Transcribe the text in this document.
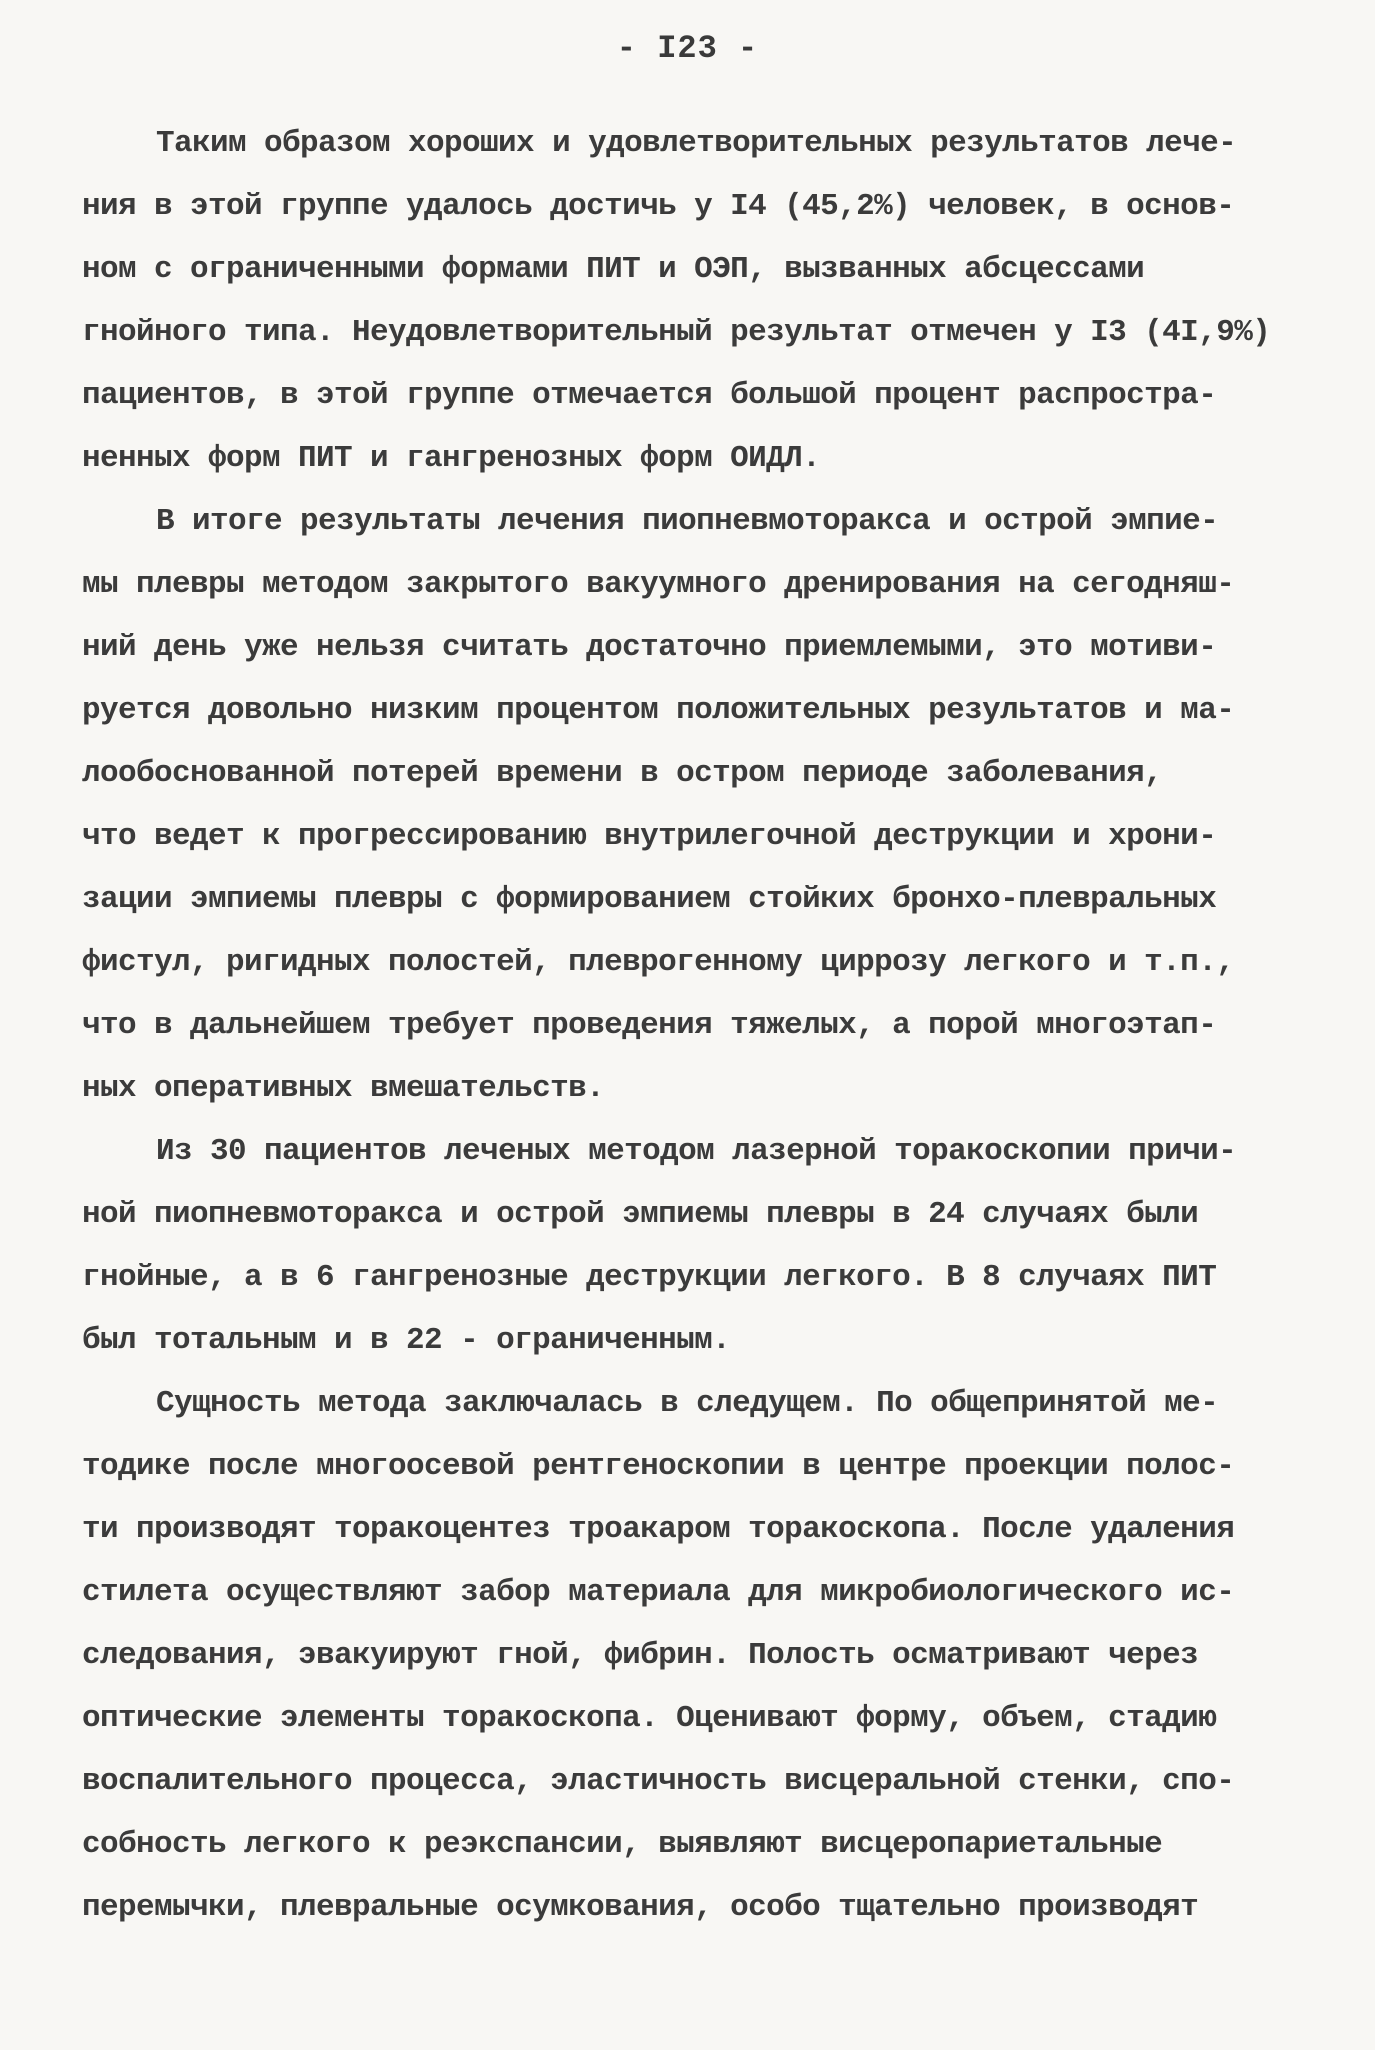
- I23 -
Таким образом хороших и удовлетворительных результатов лече-
ния в этой группе удалось достичь у I4 (45,2%) человек, в основ-
ном с ограниченными формами ПИТ и ОЭП, вызванных абсцессами
гнойного типа. Неудовлетворительный результат отмечен у I3 (4I,9%)
пациентов, в этой группе отмечается большой процент распростра-
ненных форм ПИТ и гангренозных форм ОИДЛ.
В итоге результаты лечения пиопневмоторакса и острой эмпие-
мы плевры методом закрытого вакуумного дренирования на сегодняш-
ний день уже нельзя считать достаточно приемлемыми, это мотиви-
руется довольно низким процентом положительных результатов и ма-
лообоснованной потерей времени в остром периоде заболевания,
что ведет к прогрессированию внутрилегочной деструкции и хрони-
зации эмпиемы плевры с формированием стойких бронхо-плевральных
фистул, ригидных полостей, плеврогенному циррозу легкого и т.п.,
что в дальнейшем требует проведения тяжелых, а порой многоэтап-
ных оперативных вмешательств.
Из 30 пациентов леченых методом лазерной торакоскопии причи-
ной пиопневмоторакса и острой эмпиемы плевры в 24 случаях были
гнойные, а в 6 гангренозные деструкции легкого. В 8 случаях ПИТ
был тотальным и в 22 - ограниченным.
Сущность метода заключалась в следущем. По общепринятой ме-
тодике после многоосевой рентгеноскопии в центре проекции полос-
ти производят торакоцентез троакаром торакоскопа. После удаления
стилета осуществляют забор материала для микробиологического ис-
следования, эвакуируют гной, фибрин. Полость осматривают через
оптические элементы торакоскопа. Оценивают форму, объем, стадию
воспалительного процесса, эластичность висцеральной стенки, спо-
собность легкого к реэкспансии, выявляют висцеропариетальные
перемычки, плевральные осумкования, особо тщательно производят
